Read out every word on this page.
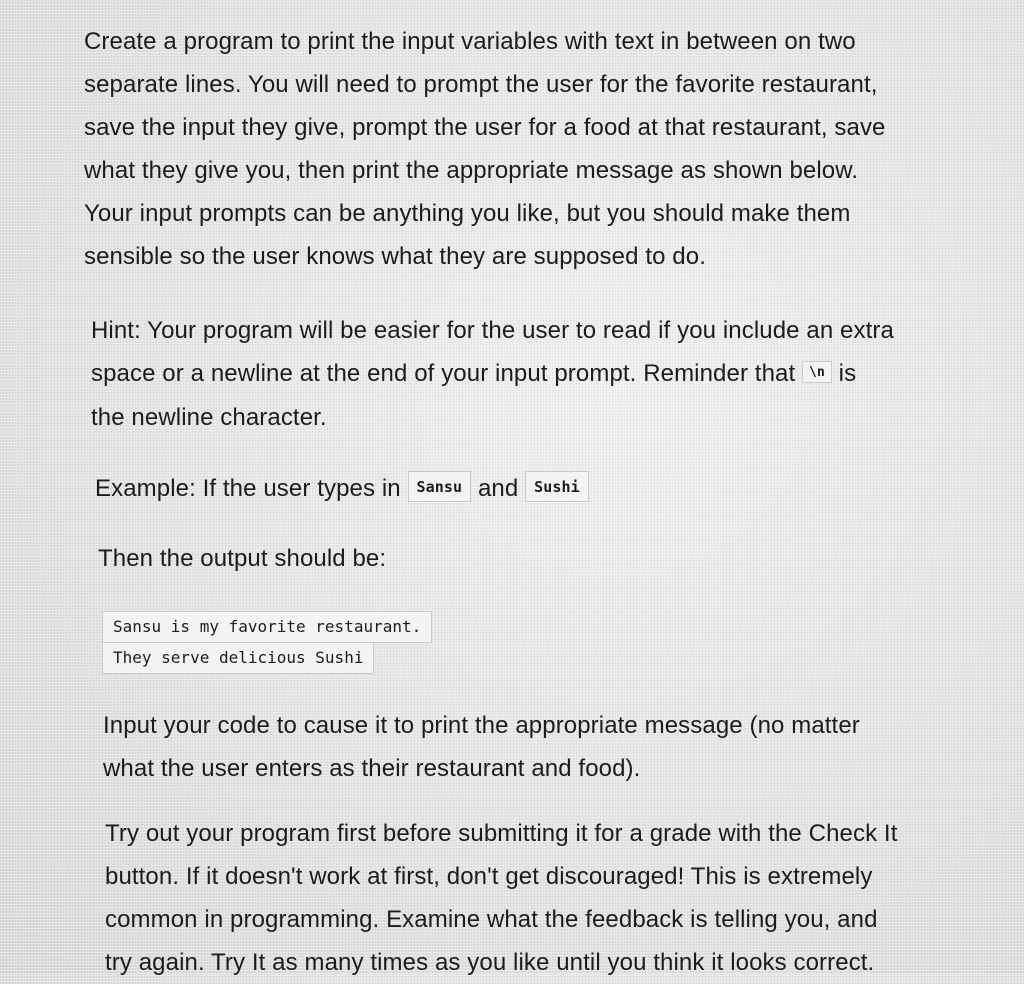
Create a program to print the input variables with text in between on two
separate lines. You will need to prompt the user for the favorite restaurant,
save the input they give, prompt the user for a food at that restaurant, save
what they give you, then print the appropriate message as shown below.
Your input prompts can be anything you like, but you should make them
sensible so the user knows what they are supposed to do.
Hint: Your program will be easier for the user to read if you include an extra
space or a newline at the end of your input prompt. Reminder that \n is
the newline character.
Example: If the user types in Sansu and Sushi
Then the output should be:
Sansu is my favorite restaurant.
They serve delicious Sushi
Input your code to cause it to print the appropriate message (no matter
what the user enters as their restaurant and food).
Try out your program first before submitting it for a grade with the Check It
button. If it doesn't work at first, don't get discouraged! This is extremely
common in programming. Examine what the feedback is telling you, and
try again. Try It as many times as you like until you think it looks correct.
